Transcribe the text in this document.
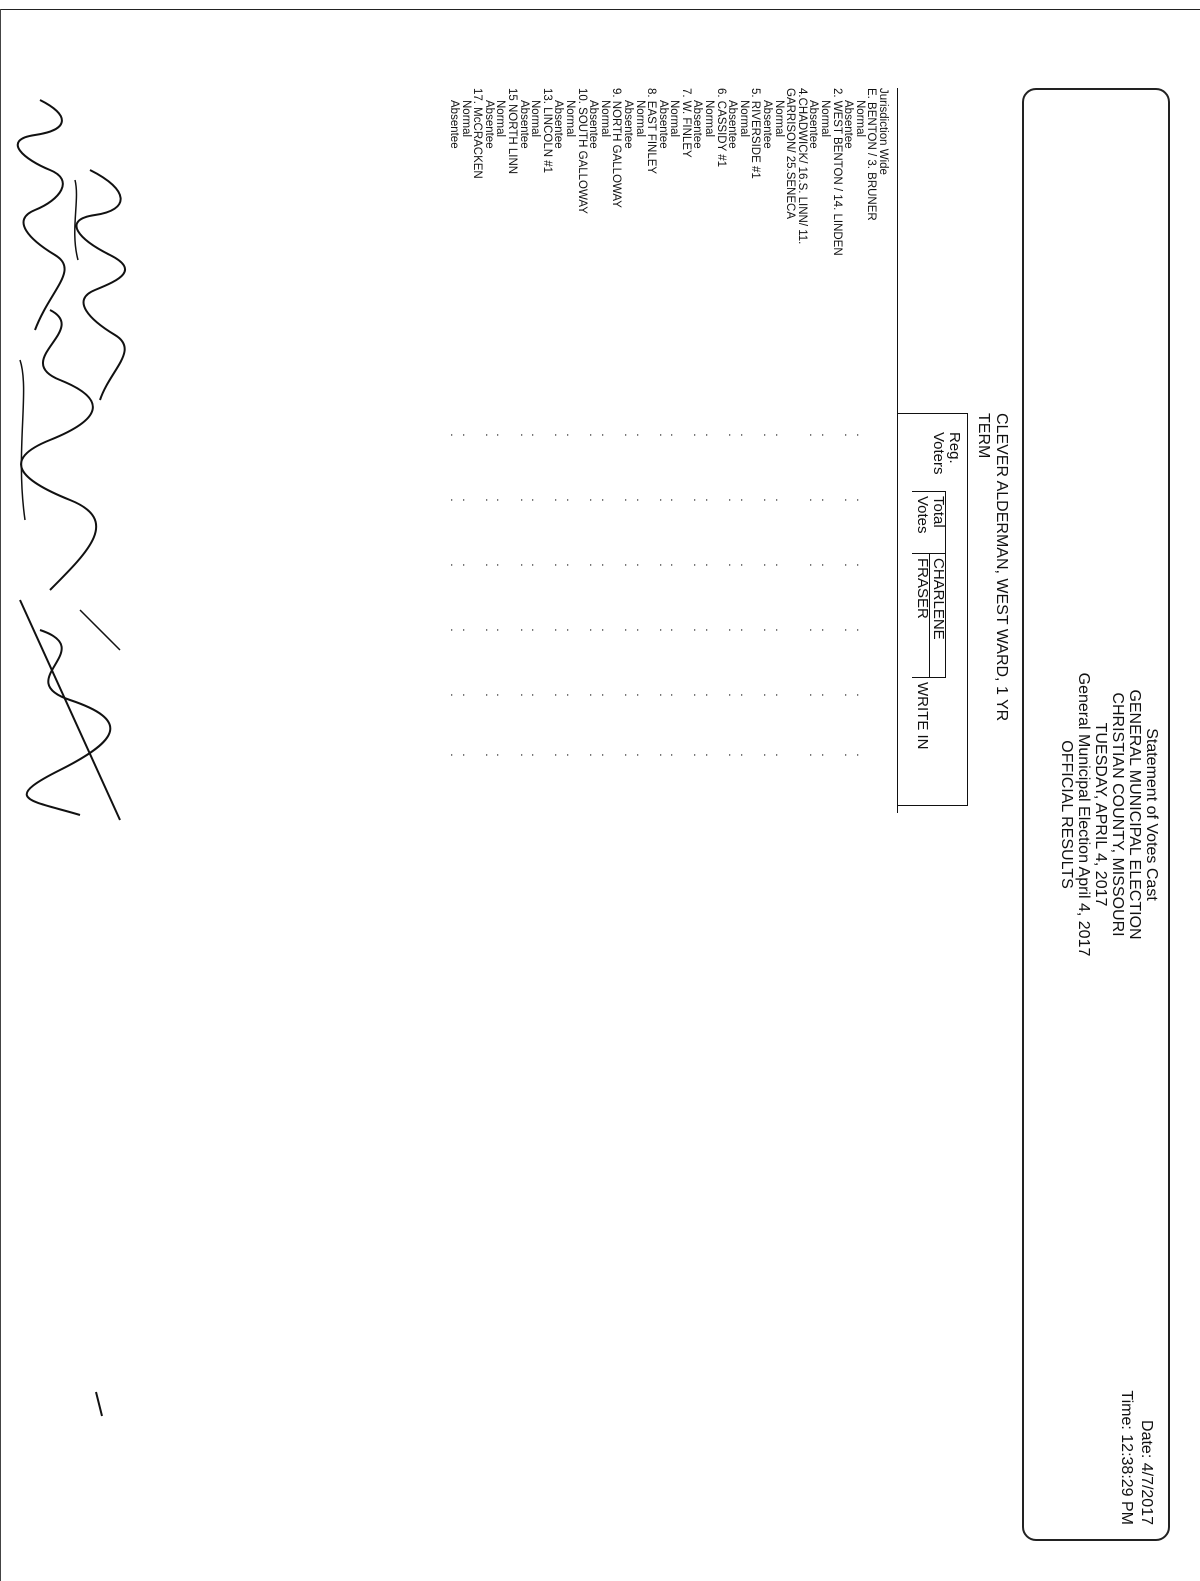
Statement of Votes Cast
GENERAL MUNICIPAL ELECTION
CHRISTIAN COUNTY, MISSOURI
TUESDAY, APRIL 4, 2017
General Municipal Election April 4, 2017
OFFICIAL RESULTS
Date: 4/7/2017
Time: 12:38:29 PM
CLEVER ALDERMAN, WEST WARD, 1 YR
TERM
Reg.
Voters
Total
Votes
CHARLENE
FRASER
WRITE IN
Jurisdiction Wide
E. BENTON / 3. BRUNER
Normal
.
.
.
.
.
.
Absentee
.
.
.
.
.
.
2. WEST BENTON / 14. LINDEN
Normal
.
.
.
.
.
.
Absentee
.
.
.
.
.
.
4.CHADWICK/ 16.S. LINN/ 11.
GARRISON/ 25.SENECA
Normal
.
.
.
.
.
.
Absentee
.
.
.
.
.
.
5. RIVERSIDE #1
Normal
.
.
.
.
.
.
Absentee
.
.
.
.
.
.
6. CASSIDY #1
Normal
.
.
.
.
.
.
Absentee
.
.
.
.
.
.
7. W. FINLEY
Normal
.
.
.
.
.
.
Absentee
.
.
.
.
.
.
8. EAST FINLEY
Normal
.
.
.
.
.
.
Absentee
.
.
.
.
.
.
9. NORTH GALLOWAY
Normal
.
.
.
.
.
.
Absentee
.
.
.
.
.
.
10. SOUTH GALLOWAY
Normal
.
.
.
.
.
.
Absentee
.
.
.
.
.
.
13. LINCOLN #1
Normal
.
.
.
.
.
.
Absentee
.
.
.
.
.
.
15 NORTH LINN
Normal
.
.
.
.
.
.
Absentee
.
.
.
.
.
.
17. McCRACKEN
Normal
.
.
.
.
.
.
Absentee
.
.
.
.
.
.
